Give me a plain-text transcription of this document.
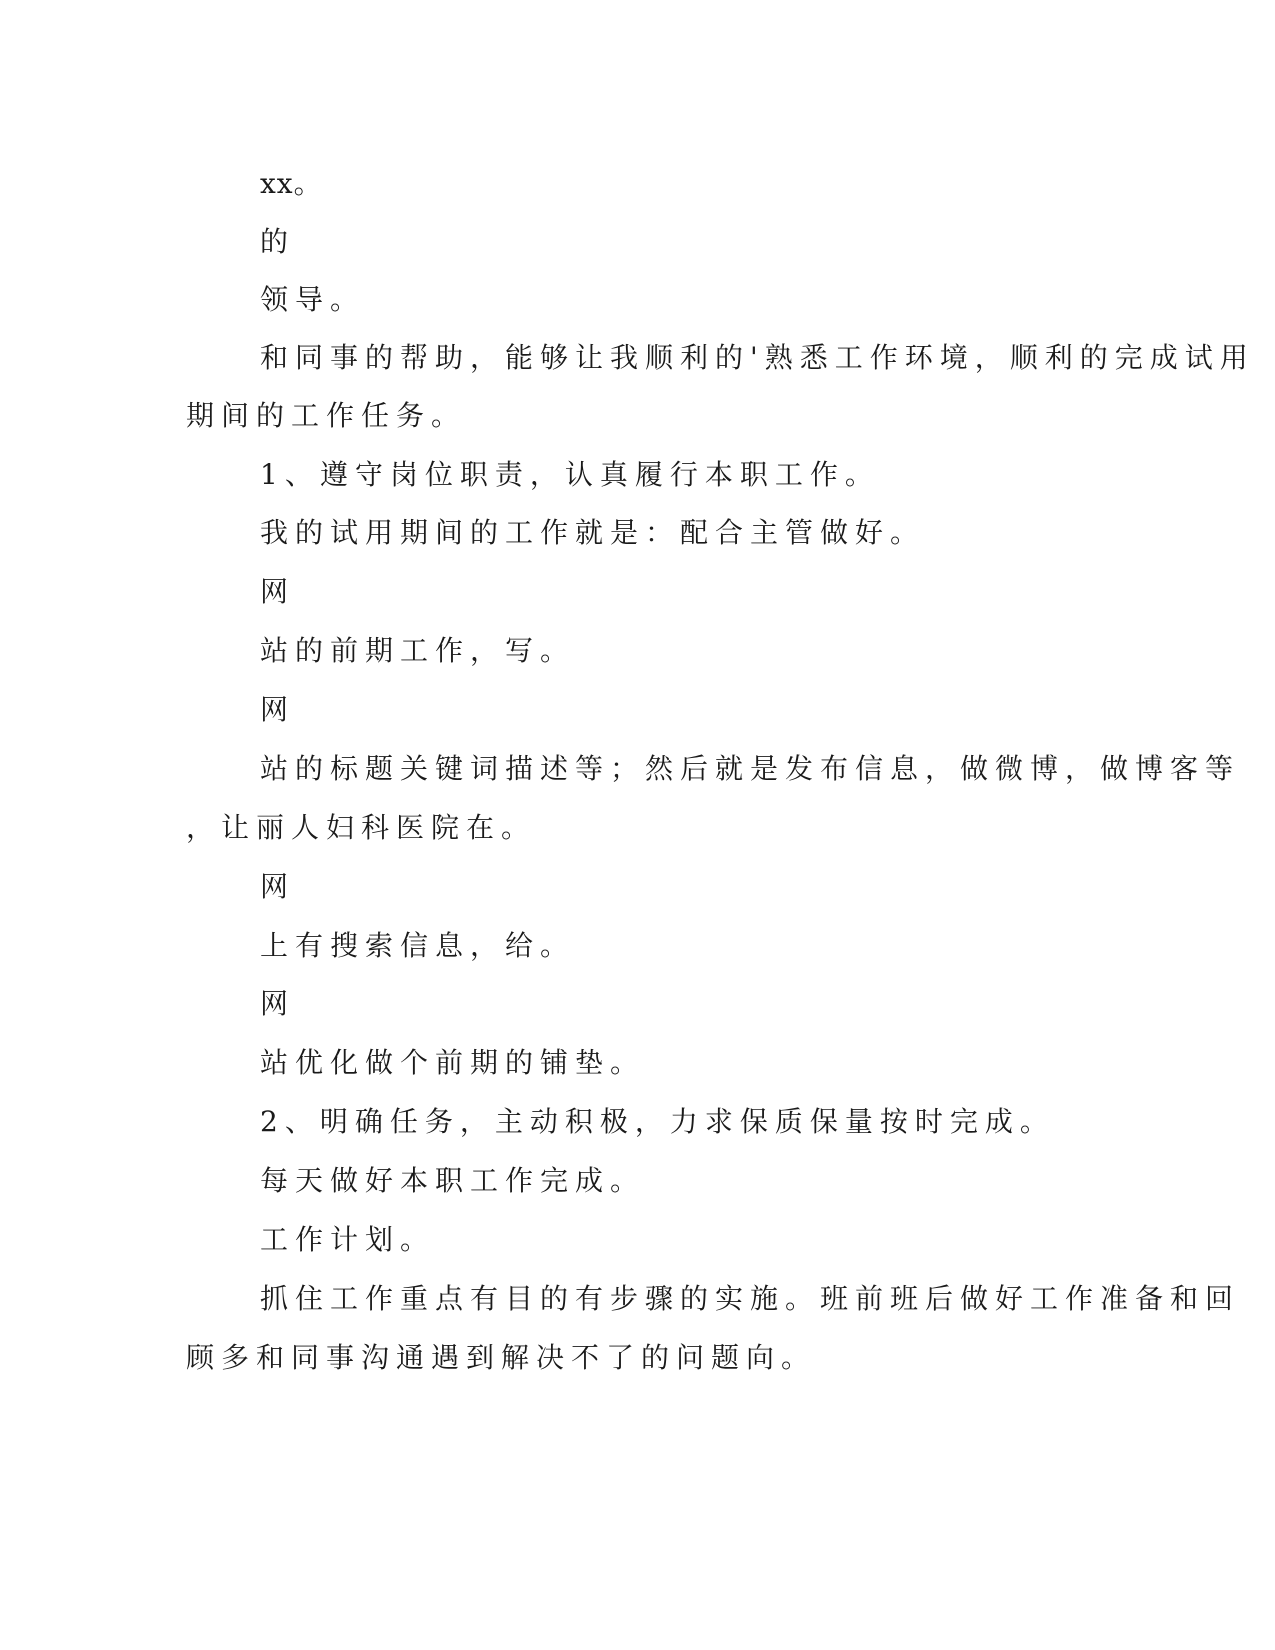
xx。
的
领导。
和同事的帮助，能够让我顺利的'熟悉工作环境，顺利的完成试用
期间的工作任务。
1、遵守岗位职责，认真履行本职工作。
我的试用期间的工作就是：配合主管做好。
网
站的前期工作，写。
网
站的标题关键词描述等；然后就是发布信息，做微博，做博客等
，让丽人妇科医院在。
网
上有搜索信息，给。
网
站优化做个前期的铺垫。
2、明确任务，主动积极，力求保质保量按时完成。
每天做好本职工作完成。
工作计划。
抓住工作重点有目的有步骤的实施。班前班后做好工作准备和回
顾多和同事沟通遇到解决不了的问题向。
